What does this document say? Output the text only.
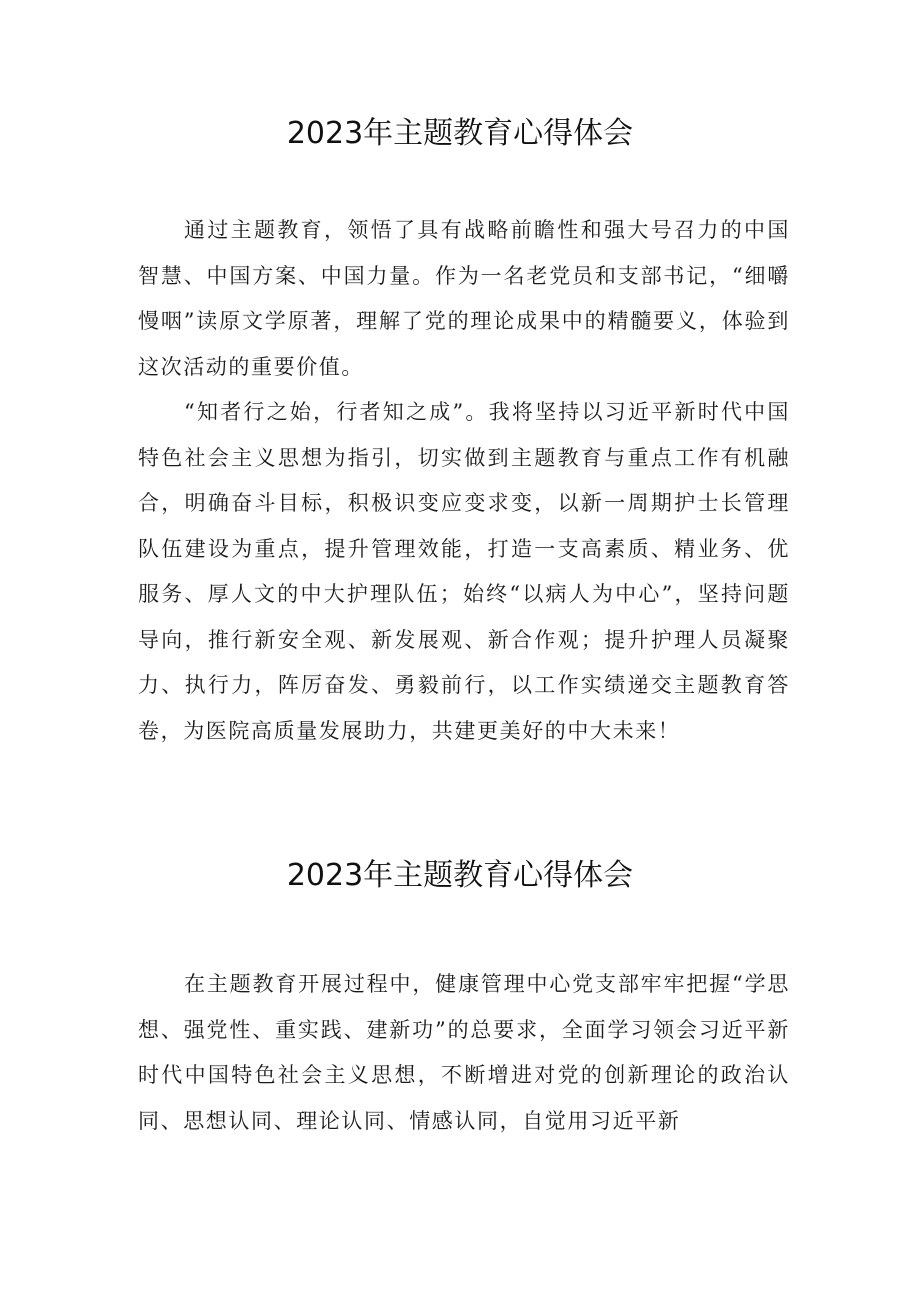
2023年主题教育心得体会

通过主题教育，领悟了具有战略前瞻性和强大号召力的中国智慧、中国方案、中国力量。作为一名老党员和支部书记，“细嚼慢咽”读原文学原著，理解了党的理论成果中的精髓要义，体验到这次活动的重要价值。

“知者行之始，行者知之成”。我将坚持以习近平新时代中国特色社会主义思想为指引，切实做到主题教育与重点工作有机融合，明确奋斗目标，积极识变应变求变，以新一周期护士长管理队伍建设为重点，提升管理效能，打造一支高素质、精业务、优服务、厚人文的中大护理队伍；始终“以病人为中心”，坚持问题导向，推行新安全观、新发展观、新合作观；提升护理人员凝聚力、执行力，阵厉奋发、勇毅前行，以工作实绩递交主题教育答卷，为医院高质量发展助力，共建更美好的中大未来！

2023年主题教育心得体会

在主题教育开展过程中，健康管理中心党支部牢牢把握“学思想、强党性、重实践、建新功”的总要求，全面学习领会习近平新时代中国特色社会主义思想，不断增进对党的创新理论的政治认同、思想认同、理论认同、情感认同，自觉用习近平新
